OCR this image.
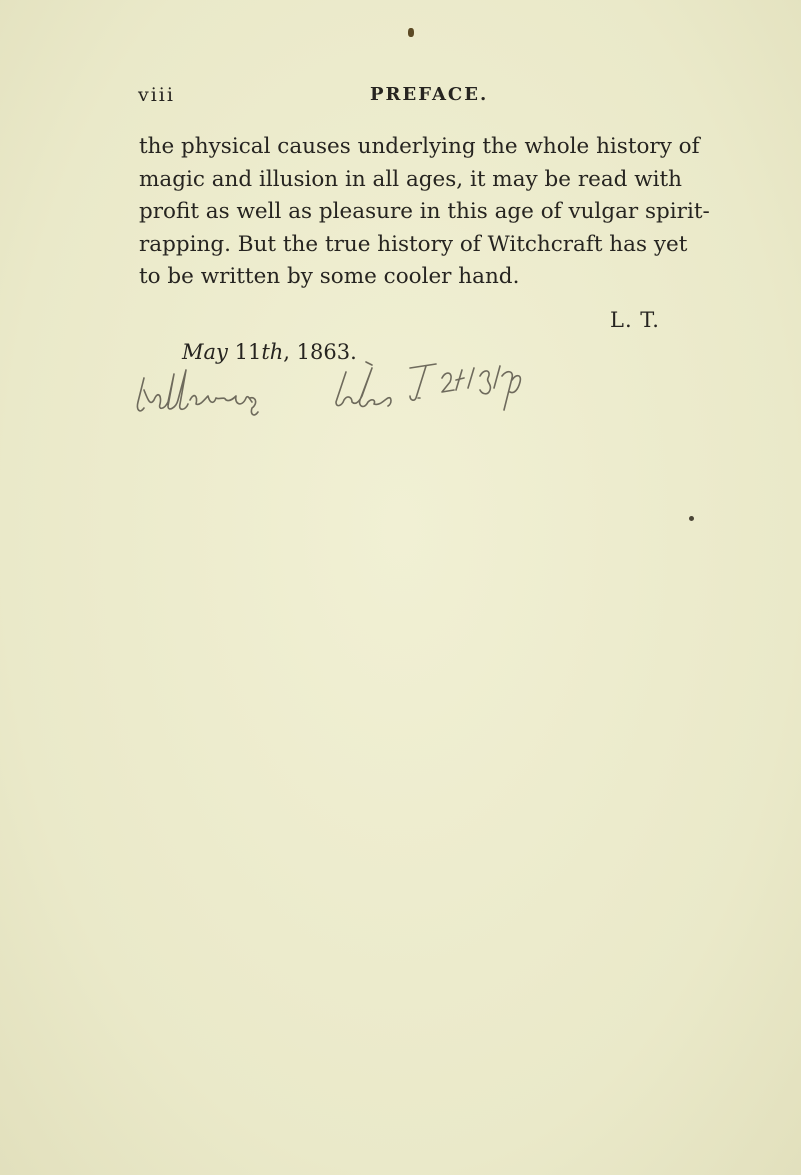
viii	PREFACE.
the physical causes underlying the whole history of
magic and illusion in all ages, it may be read with
profit as well as pleasure in this age of vulgar spirit-
rapping. But the true history of Witchcraft has yet
to be written by some cooler hand.
L. T.
May 11th, 1863.
